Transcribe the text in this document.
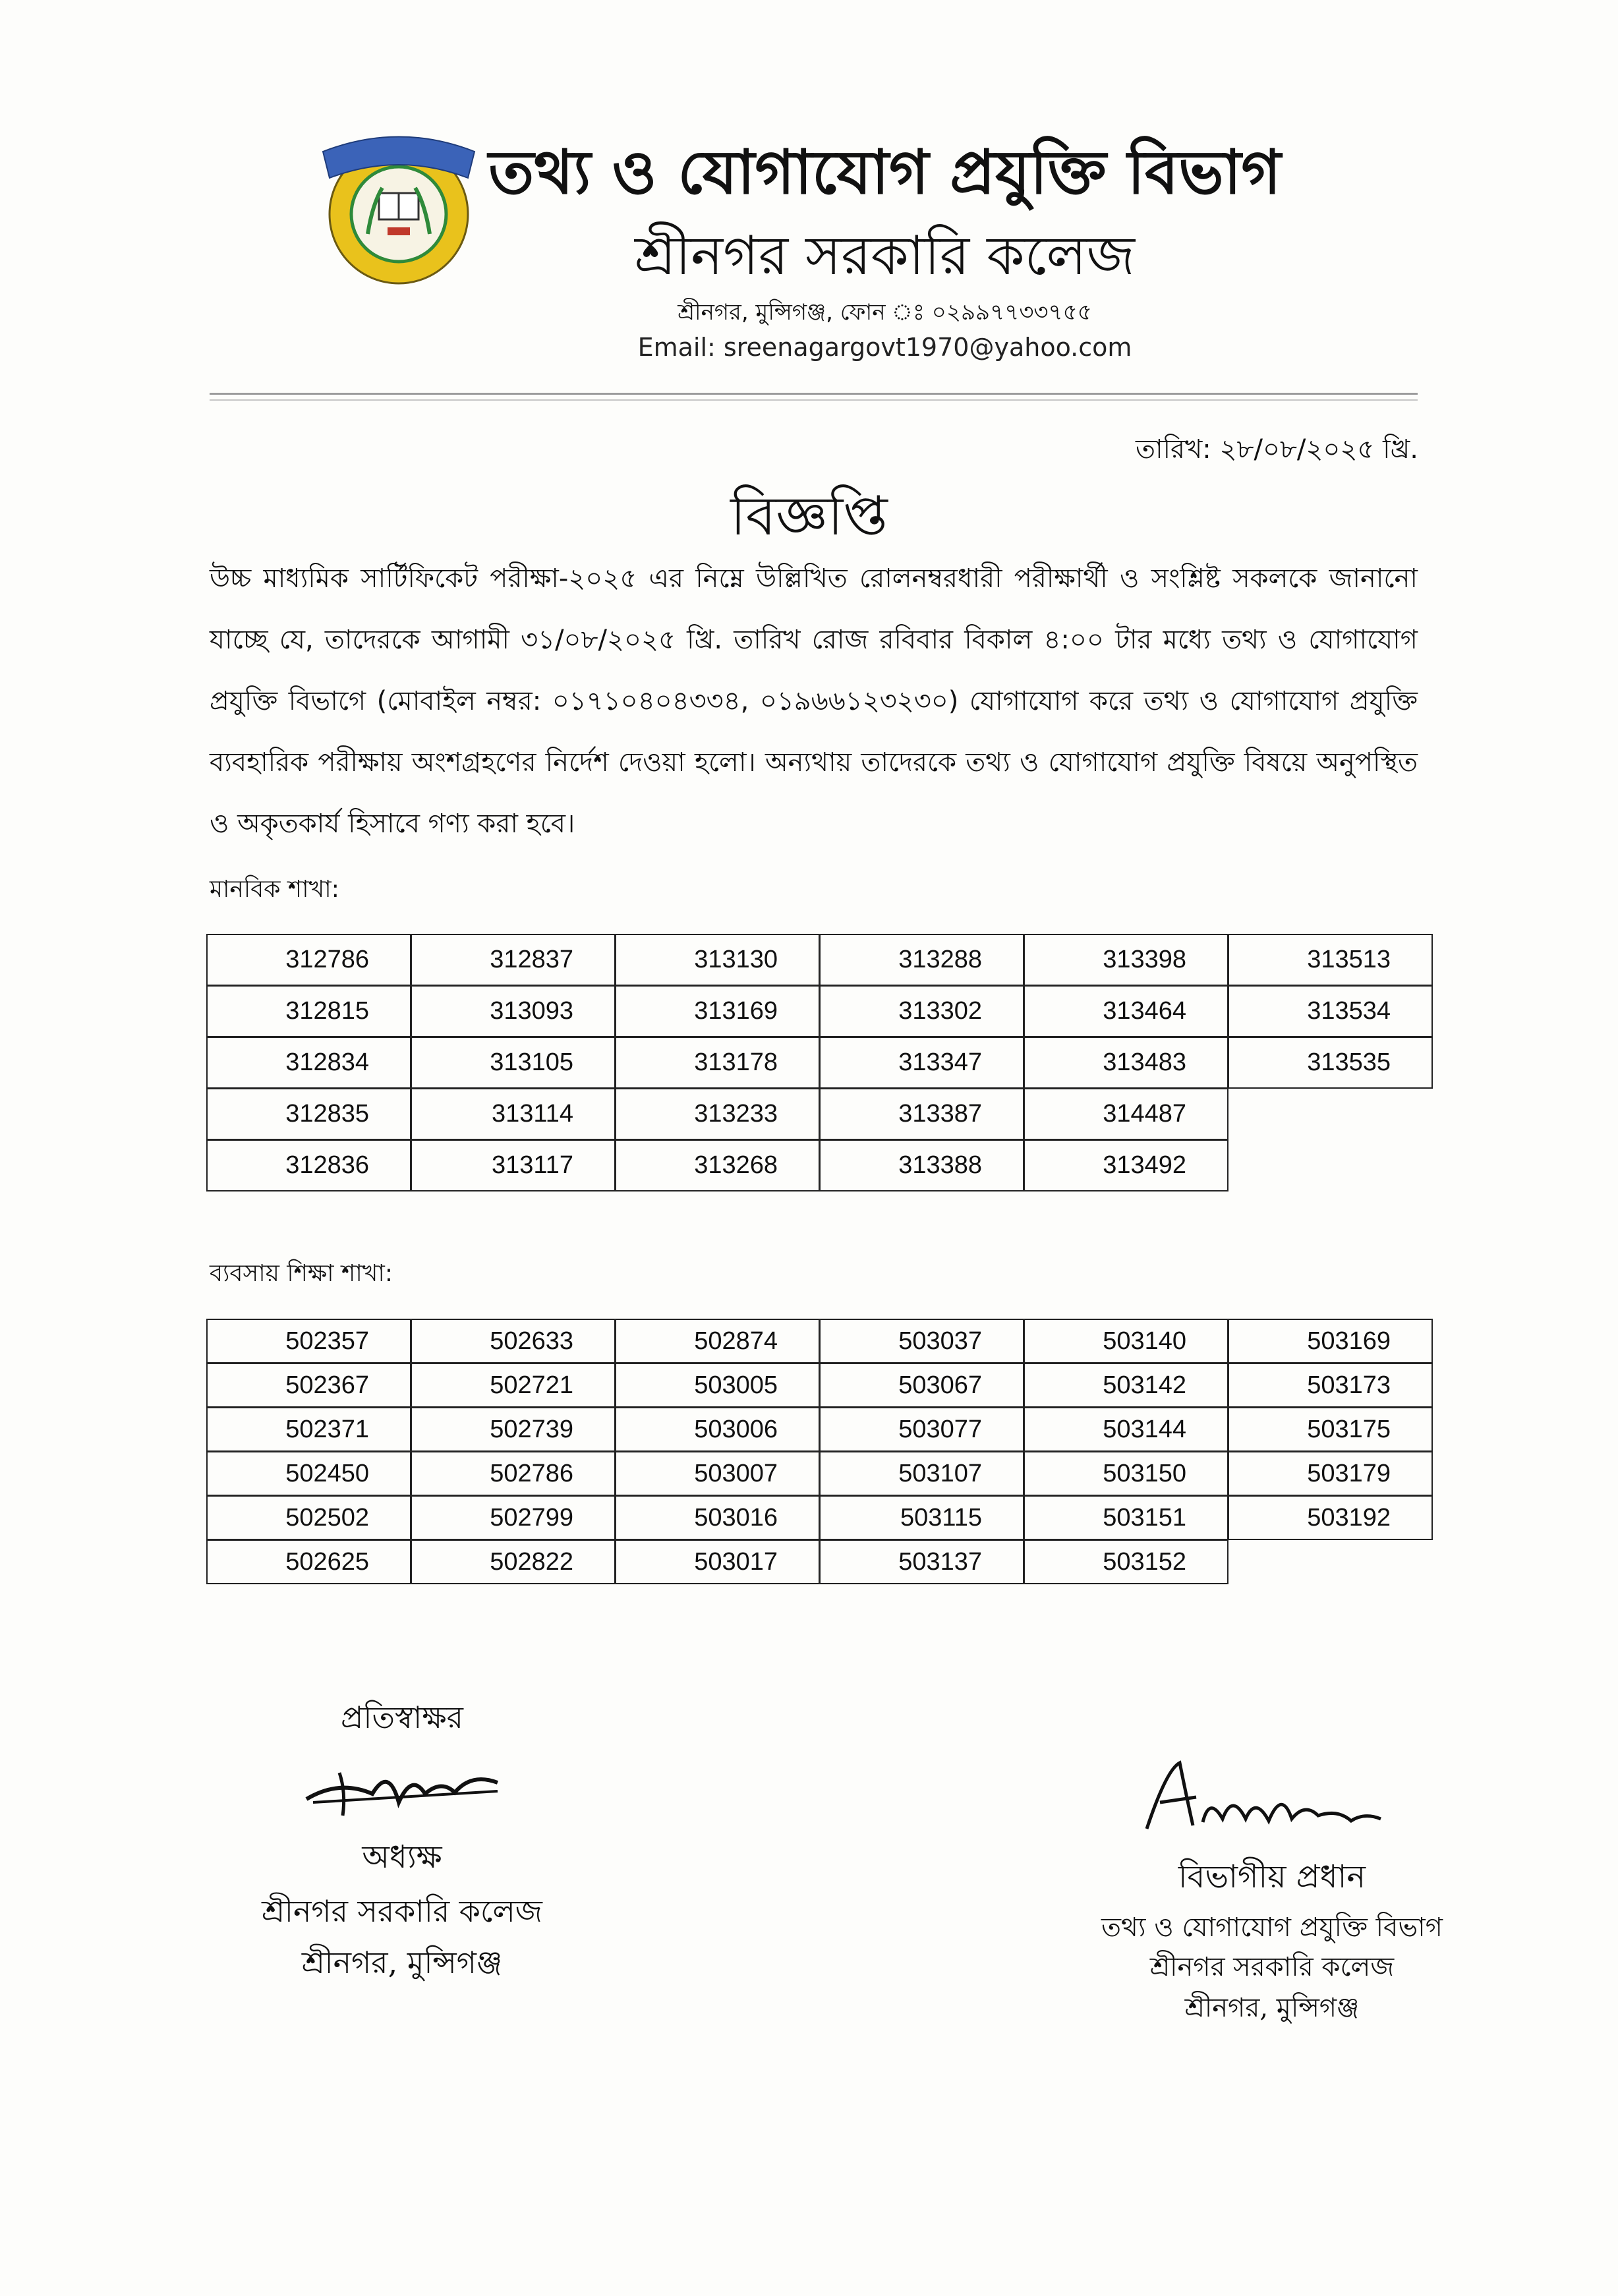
তথ্য ও যোগাযোগ প্রযুক্তি বিভাগ
শ্রীনগর সরকারি কলেজ
শ্রীনগর, মুন্সিগঞ্জ, ফোন ঃ ০২৯৯৭৭৩৩৭৫৫
Email: sreenagargovt1970@yahoo.com
তারিখ: ২৮/০৮/২০২৫ খ্রি.
বিজ্ঞপ্তি
উচ্চ মাধ্যমিক সার্টিফিকেট পরীক্ষা-২০২৫ এর নিম্নে উল্লিখিত রোলনম্বরধারী পরীক্ষার্থী ও সংশ্লিষ্ট সকলকে জানানো যাচ্ছে যে, তাদেরকে আগামী ৩১/০৮/২০২৫ খ্রি. তারিখ রোজ রবিবার বিকাল ৪:০০ টার মধ্যে তথ্য ও যোগাযোগ প্রযুক্তি বিভাগে (মোবাইল নম্বর: ০১৭১০৪০৪৩৩৪, ০১৯৬৬১২৩২৩০) যোগাযোগ করে তথ্য ও যোগাযোগ প্রযুক্তি ব্যবহারিক পরীক্ষায় অংশগ্রহণের নির্দেশ দেওয়া হলো। অন্যথায় তাদেরকে তথ্য ও যোগাযোগ প্রযুক্তি বিষয়ে অনুপস্থিত ও অকৃতকার্য হিসাবে গণ্য করা হবে।
মানবিক শাখা:
312786	312837	313130	313288	313398	313513
312815	313093	313169	313302	313464	313534
312834	313105	313178	313347	313483	313535
312835	313114	313233	313387	314487
312836	313117	313268	313388	313492
ব্যবসায় শিক্ষা শাখা:
502357	502633	502874	503037	503140	503169
502367	502721	503005	503067	503142	503173
502371	502739	503006	503077	503144	503175
502450	502786	503007	503107	503150	503179
502502	502799	503016	503115	503151	503192
502625	502822	503017	503137	503152
প্রতিস্বাক্ষর
অধ্যক্ষ
শ্রীনগর সরকারি কলেজ
শ্রীনগর, মুন্সিগঞ্জ
বিভাগীয় প্রধান
তথ্য ও যোগাযোগ প্রযুক্তি বিভাগ
শ্রীনগর সরকারি কলেজ
শ্রীনগর, মুন্সিগঞ্জ
